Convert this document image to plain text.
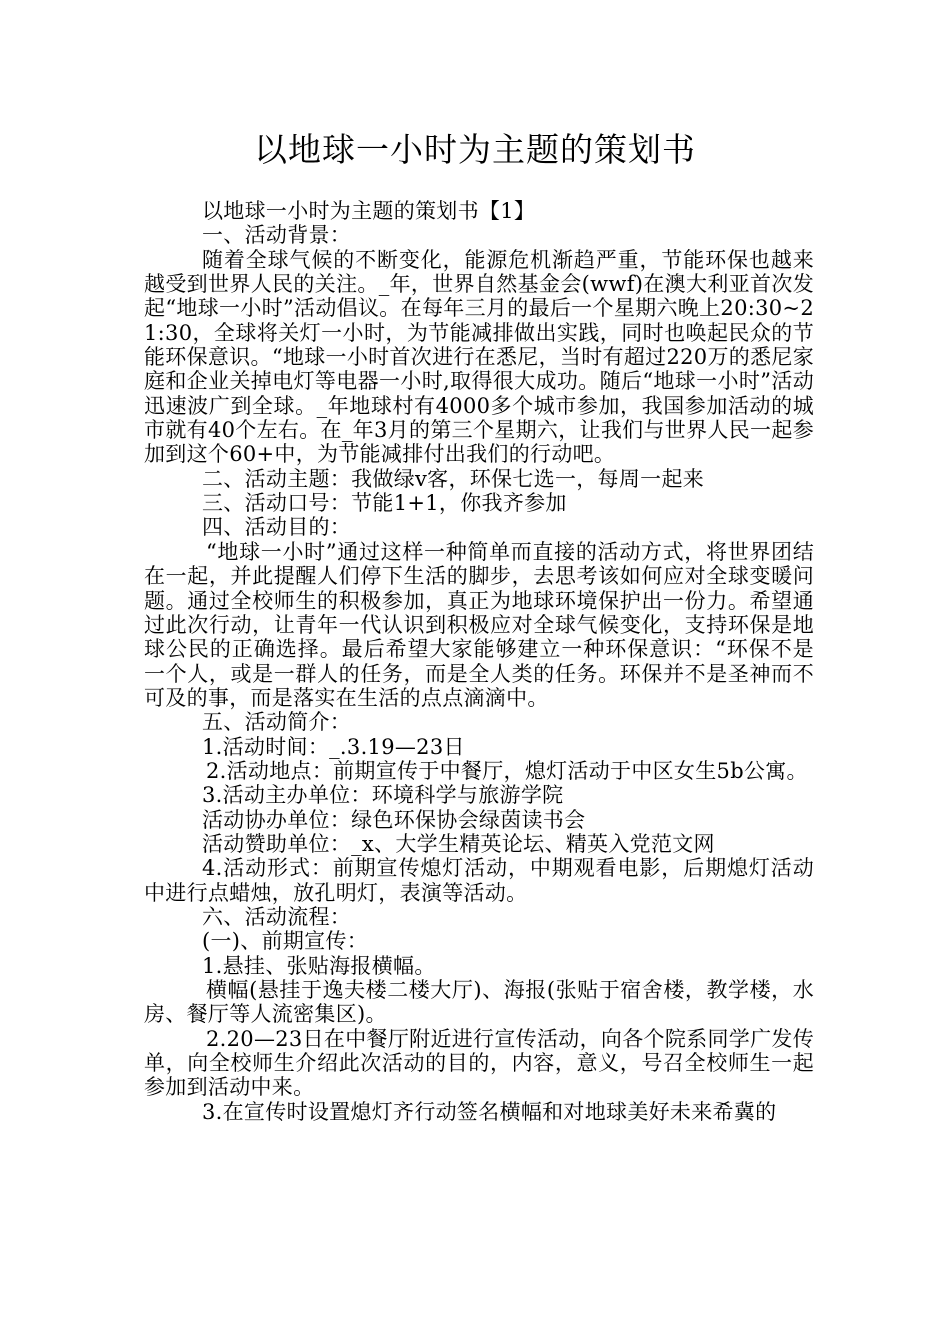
以地球一小时为主题的策划书

以地球一小时为主题的策划书【1】

一、活动背景：

随着全球气候的不断变化，能源危机渐趋严重，节能环保也越来越受到世界人民的关注。_年，世界自然基金会(wwf)在澳大利亚首次发起“地球一小时”活动倡议。在每年三月的最后一个星期六晚上20:30~21:30，全球将关灯一小时，为节能减排做出实践，同时也唤起民众的节能环保意识。“地球一小时首次进行在悉尼，当时有超过220万的悉尼家庭和企业关掉电灯等电器一小时,取得很大成功。随后“地球一小时”活动迅速波广到全球。_年地球村有4000多个城市参加，我国参加活动的城市就有40个左右。在_年3月的第三个星期六，让我们与世界人民一起参加到这个60+中，为节能减排付出我们的行动吧。

二、活动主题：我做绿v客，环保七选一，每周一起来

三、活动口号：节能1+1，你我齐参加

四、活动目的：

“地球一小时”通过这样一种简单而直接的活动方式，将世界团结在一起，并此提醒人们停下生活的脚步，去思考该如何应对全球变暖问题。通过全校师生的积极参加，真正为地球环境保护出一份力。希望通过此次行动，让青年一代认识到积极应对全球气候变化，支持环保是地球公民的正确选择。最后希望大家能够建立一种环保意识：“环保不是一个人，或是一群人的任务，而是全人类的任务。环保并不是圣神而不可及的事，而是落实在生活的点点滴滴中。

五、活动简介：

1.活动时间：_.3.19—23日

2.活动地点：前期宣传于中餐厅，熄灯活动于中区女生5b公寓。

3.活动主办单位：环境科学与旅游学院

活动协办单位：绿色环保协会绿茵读书会

活动赞助单位：_x、大学生精英论坛、精英入党范文网

4.活动形式：前期宣传熄灯活动，中期观看电影，后期熄灯活动中进行点蜡烛，放孔明灯，表演等活动。

六、活动流程：

(一)、前期宣传：

1.悬挂、张贴海报横幅。

横幅(悬挂于逸夫楼二楼大厅)、海报(张贴于宿舍楼，教学楼，水房、餐厅等人流密集区)。

2.20—23日在中餐厅附近进行宣传活动，向各个院系同学广发传单，向全校师生介绍此次活动的目的，内容，意义，号召全校师生一起参加到活动中来。

3.在宣传时设置熄灯齐行动签名横幅和对地球美好未来希冀的
